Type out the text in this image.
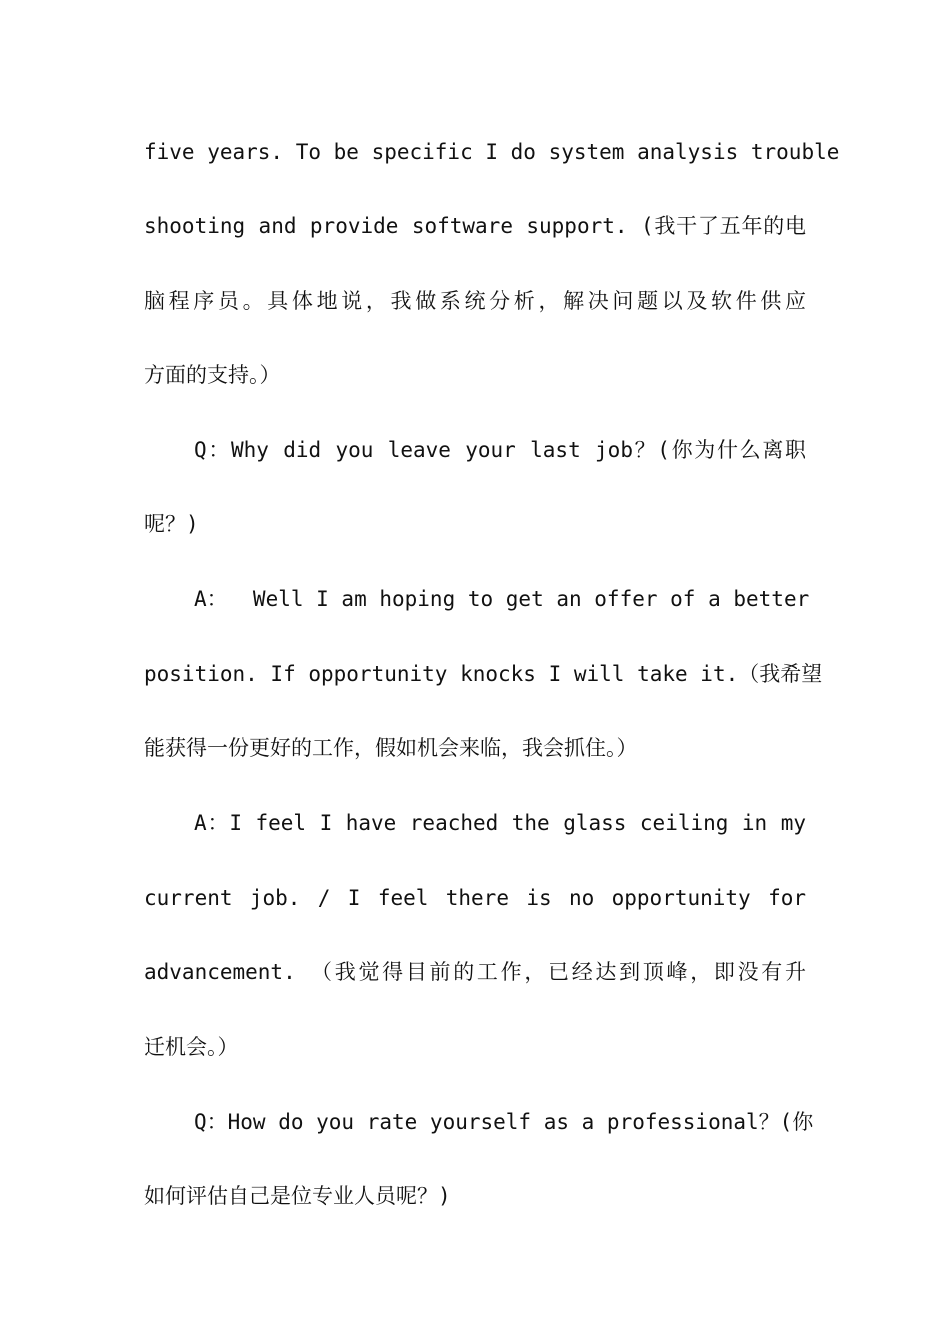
five years. To be specific I do system analysis trouble
shooting and provide software support. (我干了五年的电
脑程序员。具体地说，我做系统分析，解决问题以及软件供应
方面的支持。）
Q：Why did you leave your last job？(你为什么离职
呢？)
A：  Well I am hoping to get an offer of a better
position. If opportunity knocks I will take it.（我希望
能获得一份更好的工作，假如机会来临，我会抓住。）
A：I feel I have reached the glass ceiling in my
current job. / I feel there is no opportunity for
advancement. （我觉得目前的工作，已经达到顶峰，即没有升
迁机会。）
Q：How do you rate yourself as a professional？(你
如何评估自己是位专业人员呢？)
